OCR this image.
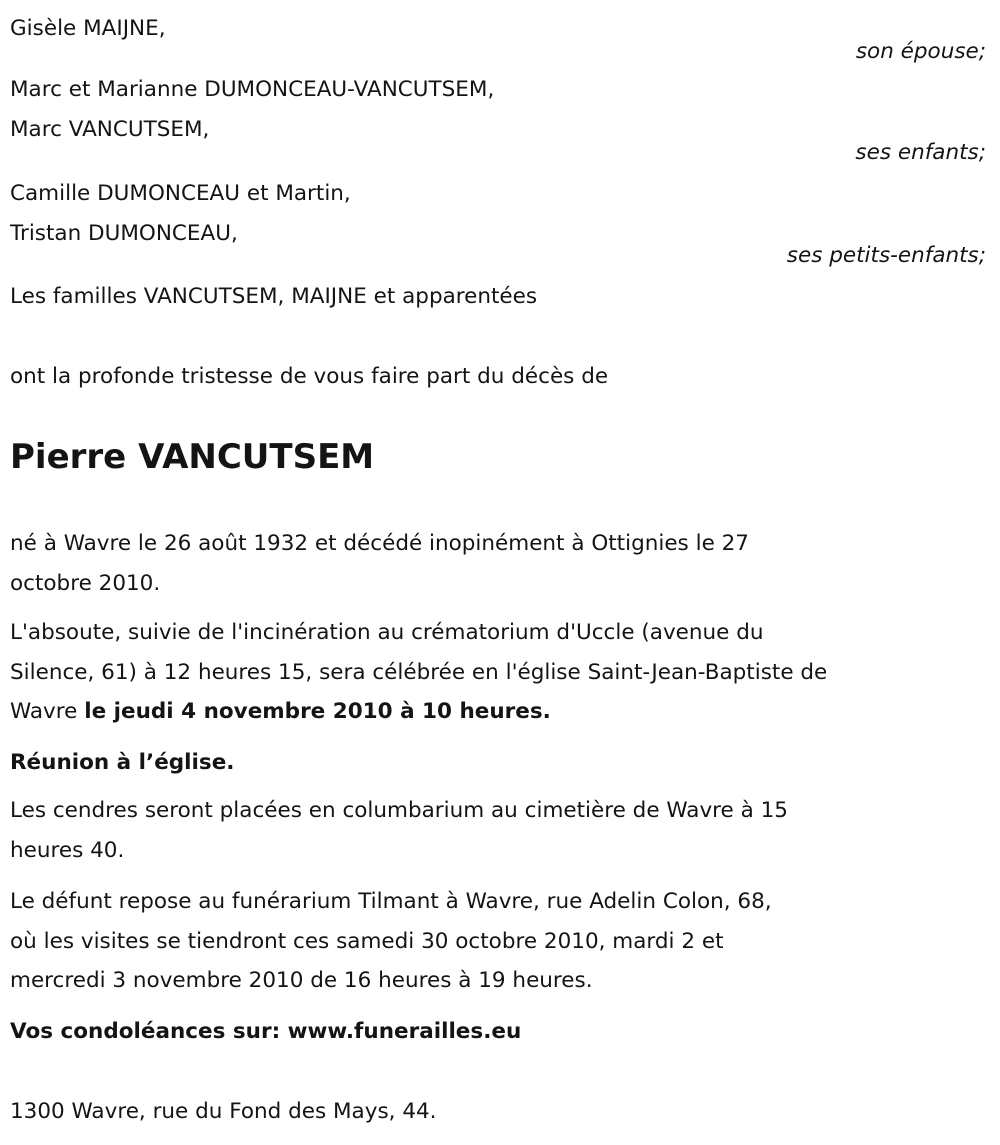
Gisèle MAIJNE,
son épouse;
Marc et Marianne DUMONCEAU-VANCUTSEM,
Marc VANCUTSEM,
ses enfants;
Camille DUMONCEAU et Martin,
Tristan DUMONCEAU,
ses petits-enfants;
Les familles VANCUTSEM, MAIJNE et apparentées
ont la profonde tristesse de vous faire part du décès de
Pierre VANCUTSEM
né à Wavre le 26 août 1932 et décédé inopinément à Ottignies le 27
octobre 2010.
L'absoute, suivie de l'incinération au crématorium d'Uccle (avenue du
Silence, 61) à 12 heures 15, sera célébrée en l'église Saint-Jean-Baptiste de
Wavre le jeudi 4 novembre 2010 à 10 heures.
Réunion à l’église.
Les cendres seront placées en columbarium au cimetière de Wavre à 15
heures 40.
Le défunt repose au funérarium Tilmant à Wavre, rue Adelin Colon, 68,
où les visites se tiendront ces samedi 30 octobre 2010, mardi 2 et
mercredi 3 novembre 2010 de 16 heures à 19 heures.
Vos condoléances sur: www.funerailles.eu
1300 Wavre, rue du Fond des Mays, 44.
